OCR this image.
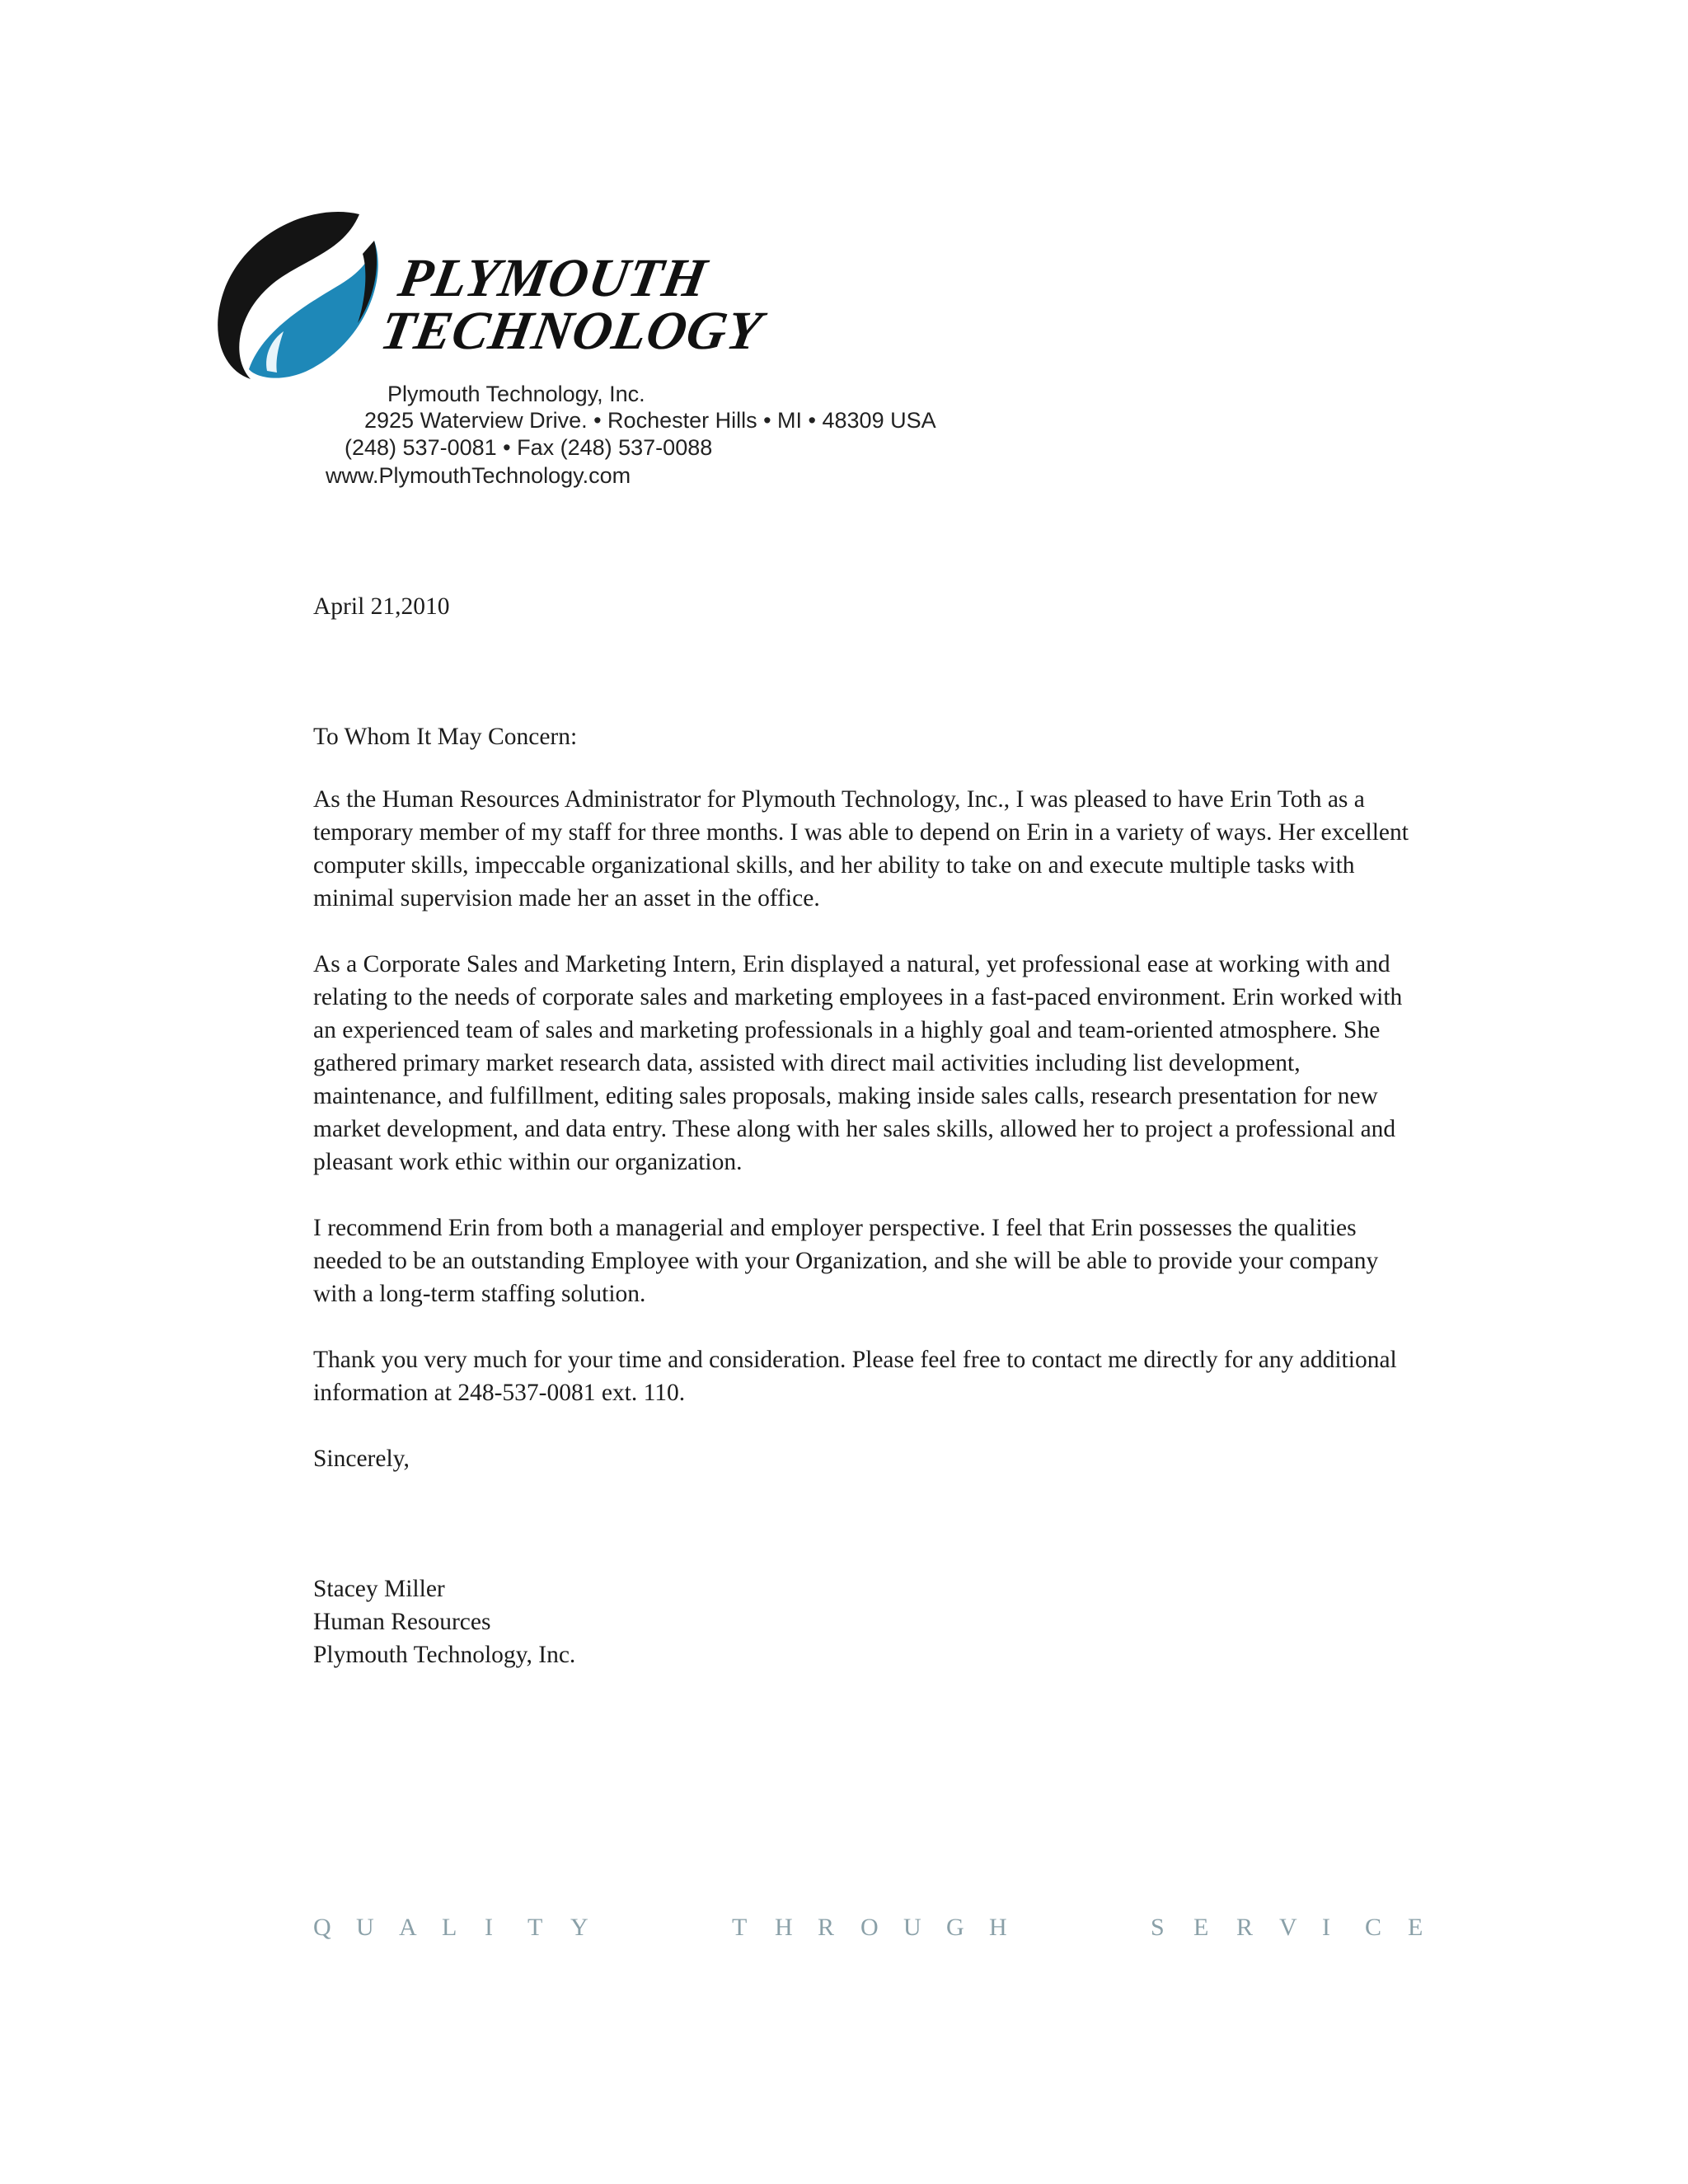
PLYMOUTH
TECHNOLOGY
Plymouth Technology, Inc.
2925 Waterview Drive. • Rochester Hills • MI • 48309 USA
(248) 537-0081 • Fax (248) 537-0088
www.PlymouthTechnology.com

April 21,2010

To Whom It May Concern:

As the Human Resources Administrator for Plymouth Technology, Inc., I was pleased to have Erin Toth as a temporary member of my staff for three months. I was able to depend on Erin in a variety of ways. Her excellent computer skills, impeccable organizational skills, and her ability to take on and execute multiple tasks with minimal supervision made her an asset in the office.

As a Corporate Sales and Marketing Intern, Erin displayed a natural, yet professional ease at working with and relating to the needs of corporate sales and marketing employees in a fast-paced environment. Erin worked with an experienced team of sales and marketing professionals in a highly goal and team-oriented atmosphere. She gathered primary market research data, assisted with direct mail activities including list development, maintenance, and fulfillment, editing sales proposals, making inside sales calls, research presentation for new market development, and data entry. These along with her sales skills, allowed her to project a professional and pleasant work ethic within our organization.

I recommend Erin from both a managerial and employer perspective. I feel that Erin possesses the qualities needed to be an outstanding Employee with your Organization, and she will be able to provide your company with a long-term staffing solution.

Thank you very much for your time and consideration. Please feel free to contact me directly for any additional information at 248-537-0081 ext. 110.

Sincerely,

Stacey Miller

Human Resources

Plymouth Technology, Inc.

Q	U	A	L	I	T	Y	T	H	R	O	U	G	H	S	E	R	V	I	C	E
